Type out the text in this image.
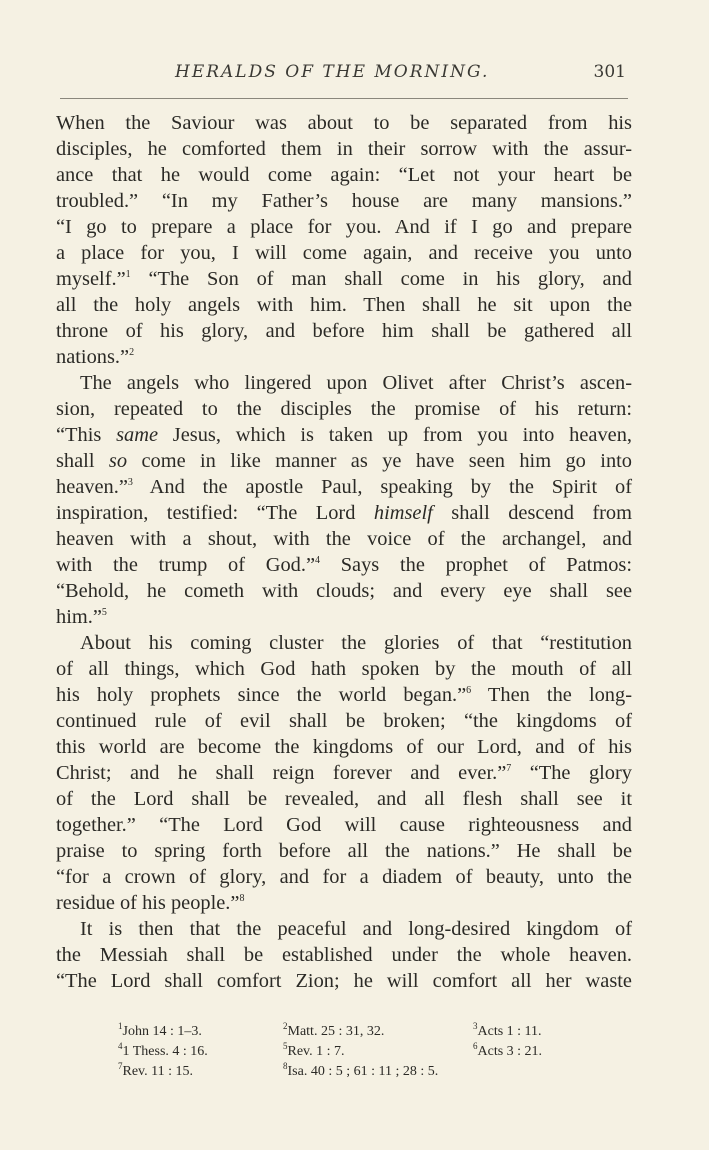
HERALDS OF THE MORNING.	301
When the Saviour was about to be separated from his
disciples, he comforted them in their sorrow with the assur-
ance that he would come again: “Let not your heart be
troubled.” “In my Father’s house are many mansions.”
“I go to prepare a place for you. And if I go and prepare
a place for you, I will come again, and receive you unto
myself.”$^1$ “The Son of man shall come in his glory, and
all the holy angels with him. Then shall he sit upon the
throne of his glory, and before him shall be gathered all
nations.”$^2$
The angels who lingered upon Olivet after Christ’s ascen-
sion, repeated to the disciples the promise of his return:
“This same Jesus, which is taken up from you into heaven,
shall so come in like manner as ye have seen him go into
heaven.”$^3$ And the apostle Paul, speaking by the Spirit of
inspiration, testified: “The Lord himself shall descend from
heaven with a shout, with the voice of the archangel, and
with the trump of God.”$^4$ Says the prophet of Patmos:
“Behold, he cometh with clouds; and every eye shall see
him.”$^5$
About his coming cluster the glories of that “restitution
of all things, which God hath spoken by the mouth of all
his holy prophets since the world began.”$^6$ Then the long-
continued rule of evil shall be broken; “the kingdoms of
this world are become the kingdoms of our Lord, and of his
Christ; and he shall reign forever and ever.”$^7$ “The glory
of the Lord shall be revealed, and all flesh shall see it
together.” “The Lord God will cause righteousness and
praise to spring forth before all the nations.” He shall be
“for a crown of glory, and for a diadem of beauty, unto the
residue of his people.”$^8$
It is then that the peaceful and long-desired kingdom of
the Messiah shall be established under the whole heaven.
“The Lord shall comfort Zion; he will comfort all her waste
$^1$John 14 : 1–3.	$^2$Matt. 25 : 31, 32.	$^3$Acts 1 : 11.
$^4$1 Thess. 4 : 16.	$^5$Rev. 1 : 7.	$^6$Acts 3 : 21.
$^7$Rev. 11 : 15.	$^8$Isa. 40 : 5 ; 61 : 11 ; 28 : 5.
